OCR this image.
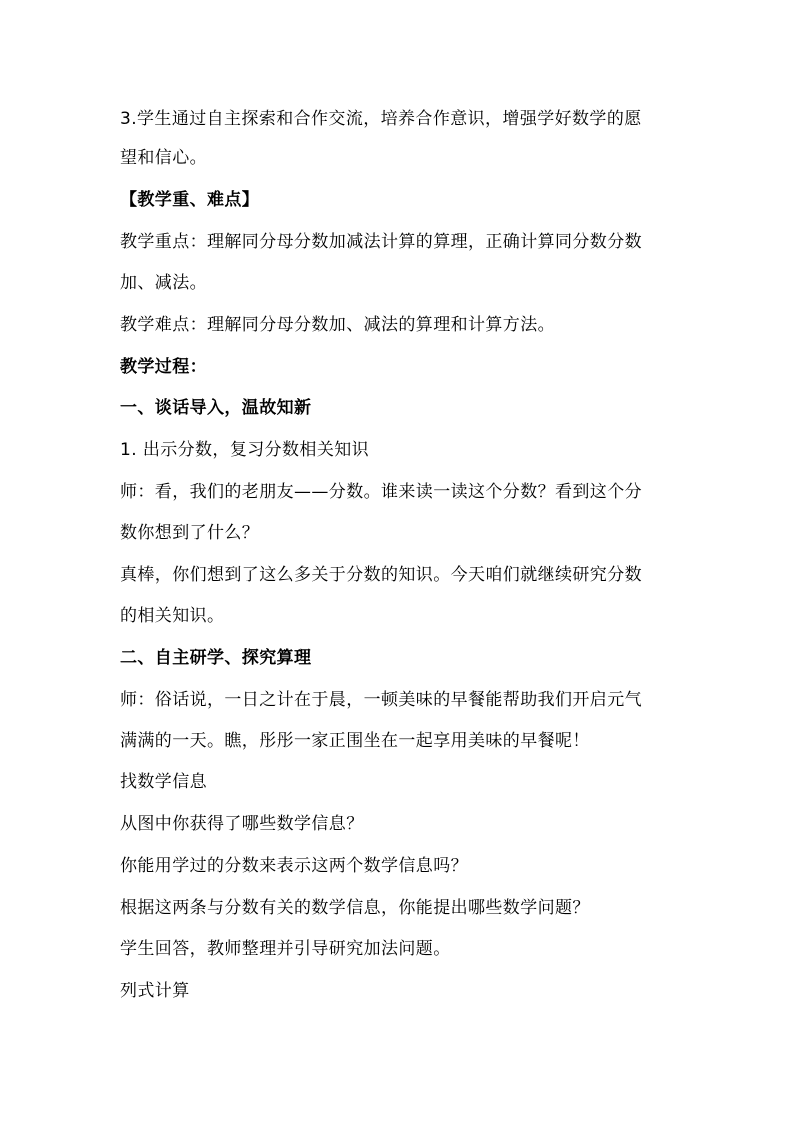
3.学生通过自主探索和合作交流，培养合作意识，增强学好数学的愿
望和信心。
【教学重、难点】
教学重点：理解同分母分数加减法计算的算理，正确计算同分数分数
加、减法。
教学难点：理解同分母分数加、减法的算理和计算方法。
教学过程：
一、谈话导入，温故知新
1. 出示分数，复习分数相关知识
师：看，我们的老朋友——分数。谁来读一读这个分数？看到这个分
数你想到了什么？
真棒，你们想到了这么多关于分数的知识。今天咱们就继续研究分数
的相关知识。
二、自主研学、探究算理
师：俗话说，一日之计在于晨，一顿美味的早餐能帮助我们开启元气
满满的一天。瞧，彤彤一家正围坐在一起享用美味的早餐呢！
找数学信息
从图中你获得了哪些数学信息？
你能用学过的分数来表示这两个数学信息吗？
根据这两条与分数有关的数学信息，你能提出哪些数学问题？
学生回答，教师整理并引导研究加法问题。
列式计算
